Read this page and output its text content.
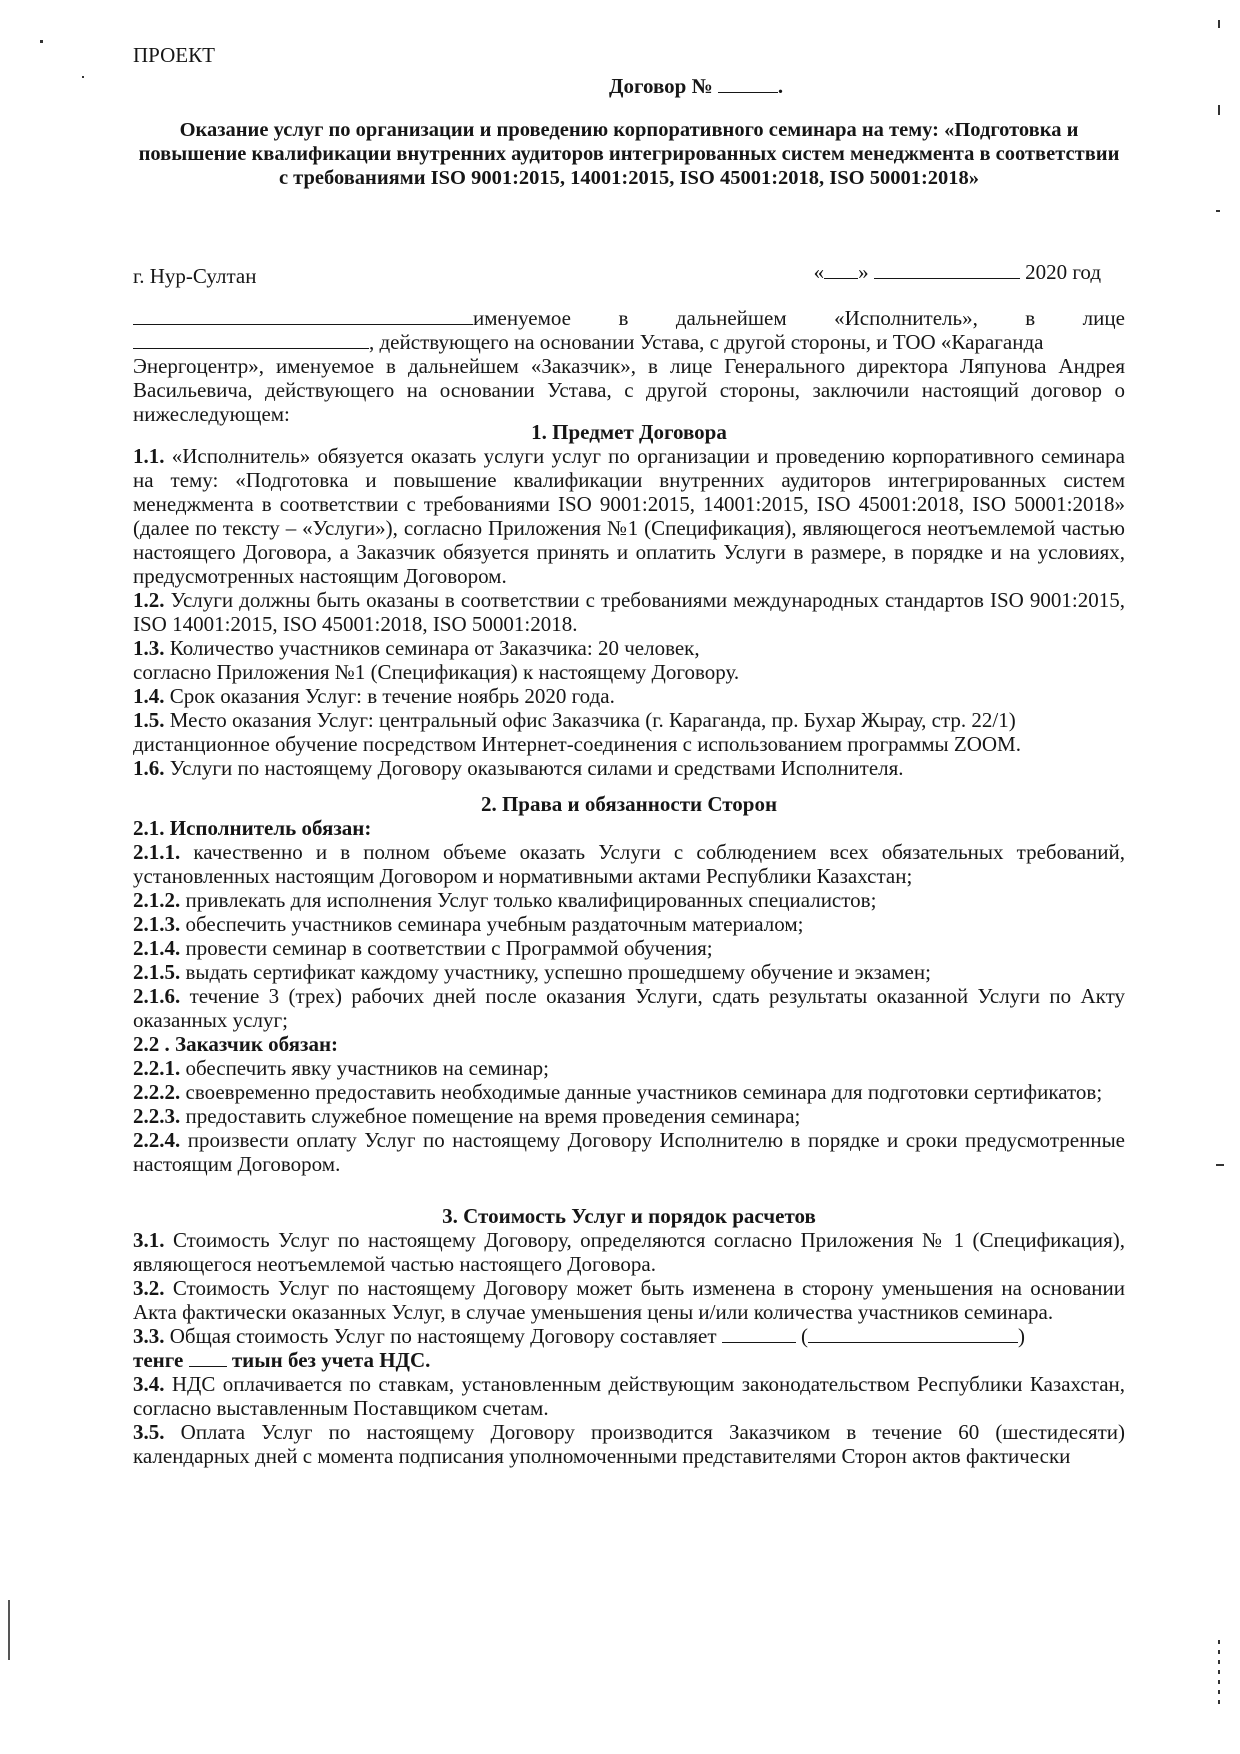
ПРОЕКТ
Договор №	.
Оказание услуг по организации и проведению корпоративного семинара на тему: «Подготовка и повышение квалификации внутренних аудиторов интегрированных систем менеджмента в соответствии с требованиями ISO 9001:2015, 14001:2015, ISO 45001:2018, ISO 50001:2018»
г. Нур-Султан	« »	2020 год
именуемое в дальнейшем «Исполнитель», в лице
, действующего на основании Устава, с другой стороны, и ТОО «Караганда
Энергоцентр», именуемое в дальнейшем «Заказчик», в лице Генерального директора Ляпунова Андрея Васильевича, действующего на основании Устава, с другой стороны, заключили настоящий договор о нижеследующем:
1. Предмет Договора
1.1. «Исполнитель» обязуется оказать услуги услуг по организации и проведению корпоративного семинара на тему: «Подготовка и повышение квалификации внутренних аудиторов интегрированных систем менеджмента в соответствии с требованиями ISO 9001:2015, 14001:2015, ISO 45001:2018, ISO 50001:2018» (далее по тексту – «Услуги»), согласно Приложения №1 (Спецификация), являющегося неотъемлемой частью настоящего Договора, а Заказчик обязуется принять и оплатить Услуги в размере, в порядке и на условиях, предусмотренных настоящим Договором.
1.2. Услуги должны быть оказаны в соответствии с требованиями международных стандартов ISO 9001:2015, ISO 14001:2015, ISO 45001:2018, ISO 50001:2018.
1.3. Количество участников семинара от Заказчика: 20 человек,
согласно Приложения №1 (Спецификация) к настоящему Договору.
1.4. Срок оказания Услуг: в течение ноябрь 2020 года.
1.5. Место оказания Услуг: центральный офис Заказчика (г. Караганда, пр. Бухар Жырау, стр. 22/1)
дистанционное обучение посредством Интернет-соединения с использованием программы ZOOM.
1.6. Услуги по настоящему Договору оказываются силами и средствами Исполнителя.
2. Права и обязанности Сторон
2.1. Исполнитель обязан:
2.1.1. качественно и в полном объеме оказать Услуги с соблюдением всех обязательных требований, установленных настоящим Договором и нормативными актами Республики Казахстан;
2.1.2. привлекать для исполнения Услуг только квалифицированных специалистов;
2.1.3. обеспечить участников семинара учебным раздаточным материалом;
2.1.4. провести семинар в соответствии с Программой обучения;
2.1.5. выдать сертификат каждому участнику, успешно прошедшему обучение и экзамен;
2.1.6. течение 3 (трех) рабочих дней после оказания Услуги, сдать результаты оказанной Услуги по Акту оказанных услуг;
2.2 . Заказчик обязан:
2.2.1. обеспечить явку участников на семинар;
2.2.2. своевременно предоставить необходимые данные участников семинара для подготовки сертификатов;
2.2.3. предоставить служебное помещение на время проведения семинара;
2.2.4. произвести оплату Услуг по настоящему Договору Исполнителю в порядке и сроки предусмотренные настоящим Договором.
3. Стоимость Услуг и порядок расчетов
3.1. Стоимость Услуг по настоящему Договору, определяются согласно Приложения № 1 (Спецификация), являющегося неотъемлемой частью настоящего Договора.
3.2. Стоимость Услуг по настоящему Договору может быть изменена в сторону уменьшения на основании Акта фактически оказанных Услуг, в случае уменьшения цены и/или количества участников семинара.
3.3. Общая стоимость Услуг по настоящему Договору составляет	(	)
тенге тиын без учета НДС.
3.4. НДС оплачивается по ставкам, установленным действующим законодательством Республики Казахстан, согласно выставленным Поставщиком счетам.
3.5. Оплата Услуг по настоящему Договору производится Заказчиком в течение 60 (шестидесяти) календарных дней с момента подписания уполномоченными представителями Сторон актов фактически
